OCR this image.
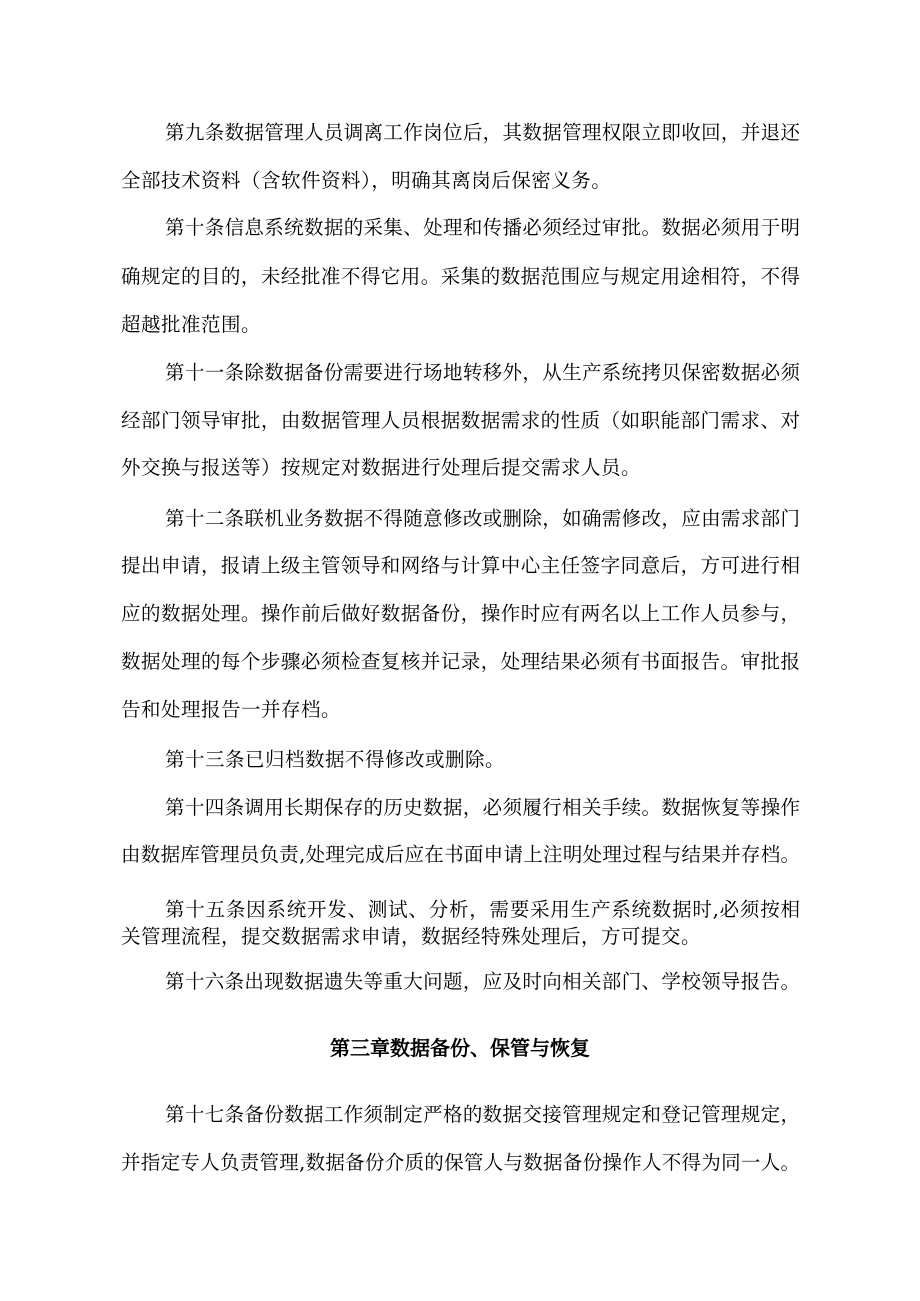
第九条数据管理人员调离工作岗位后，其数据管理权限立即收回，并退还
全部技术资料（含软件资料），明确其离岗后保密义务。
第十条信息系统数据的采集、处理和传播必须经过审批。数据必须用于明
确规定的目的，未经批准不得它用。采集的数据范围应与规定用途相符，不得
超越批准范围。
第十一条除数据备份需要进行场地转移外，从生产系统拷贝保密数据必须
经部门领导审批，由数据管理人员根据数据需求的性质（如职能部门需求、对
外交换与报送等）按规定对数据进行处理后提交需求人员。
第十二条联机业务数据不得随意修改或删除，如确需修改，应由需求部门
提出申请，报请上级主管领导和网络与计算中心主任签字同意后，方可进行相
应的数据处理。操作前后做好数据备份，操作时应有两名以上工作人员参与，
数据处理的每个步骤必须检查复核并记录，处理结果必须有书面报告。审批报
告和处理报告一并存档。
第十三条已归档数据不得修改或删除。
第十四条调用长期保存的历史数据，必须履行相关手续。数据恢复等操作
由数据库管理员负责,处理完成后应在书面申请上注明处理过程与结果并存档。
第十五条因系统开发、测试、分析，需要采用生产系统数据时,必须按相
关管理流程，提交数据需求申请，数据经特殊处理后，方可提交。
第十六条出现数据遗失等重大问题，应及时向相关部门、学校领导报告。
第三章数据备份、保管与恢复
第十七条备份数据工作须制定严格的数据交接管理规定和登记管理规定，
并指定专人负责管理,数据备份介质的保管人与数据备份操作人不得为同一人。
